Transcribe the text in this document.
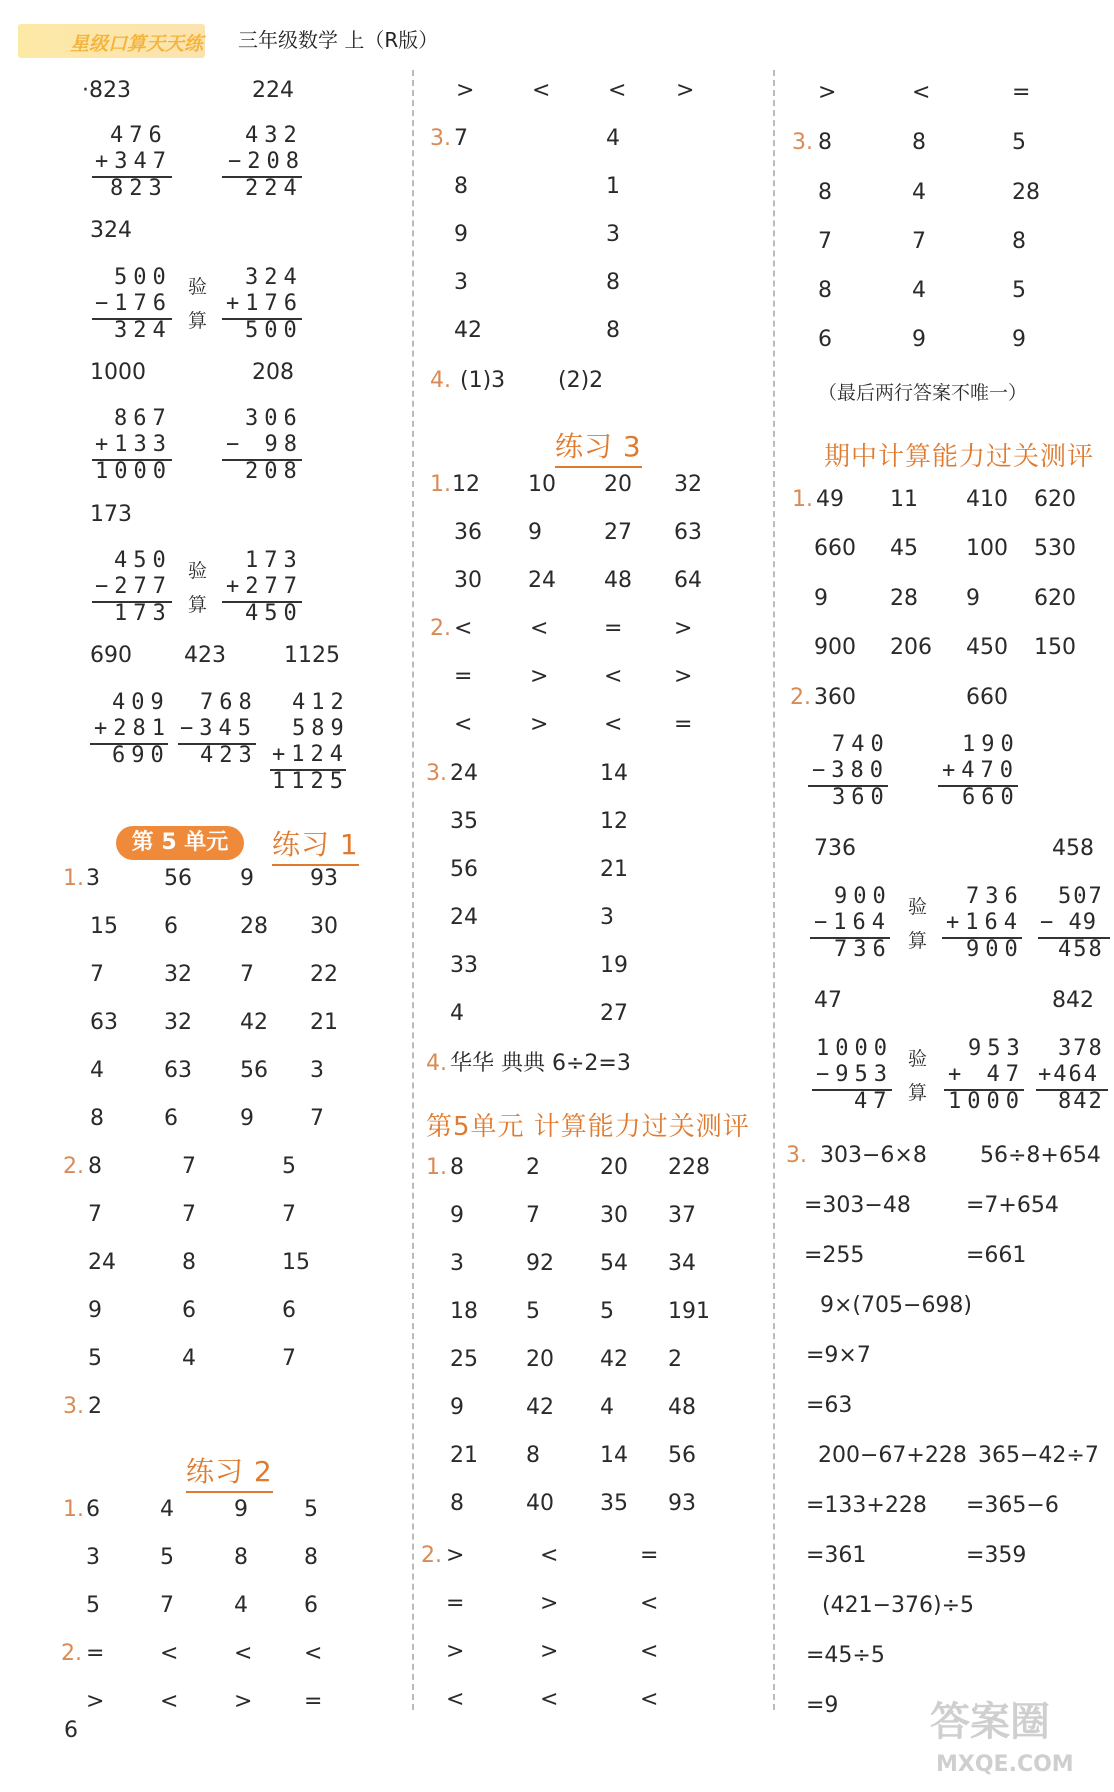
星级口算天天练 三年级数学 上（R版）
·823	224
476
+347
823
432
−208
224
324
500
−176
324
验
算
324
+176
500
1000	208
867
+133
1000
306
− 98
208
173
450
−277
173
验
算
173
+277
450
690 423	1125
409
+281
690
768
−345
423
412
589
+124
1125
第 5 单元	练习 1
1. 3	56 9	93
15 6	28 30
7	32 7	22
63 32 42 21
4	63 56 3
8	6	9	7
2. 8	7	5
7	7	7
24	8	15
9	6	6
5	4	7
3. 2
练习 2
1. 6	4	9	5
3	5	8	8
5	7	4	6
2. =	<	< <
>	<	> =
>	<	< >
3. 7	4
8	1
9	3
3	8
42	8
4. (1)3 (2)2
练习 3
1. 12 10 20 32
36 9	27 63
30 24 48 64
2. <	<	= >
=	>	< >
<	>	< =
3. 24	14
35	12
56	21
24	3
33	19
4	27
4. 华华 典典 6÷2=3
第5单元 计算能力过关测评
1. 8	2	20 228
9	7	30 37
3	92 54 34
18 5	5 191
25 20 42 2
9	42 4 48
21 8	14 56
8	40 35 93
2. >	<	=
=	>	<
>	>	<
<	<	<
>	<	=
3. 8	8	5
8	4	28
7	7	8
8	4	5
6	9	9
（最后两行答案不唯一）
期中计算能力过关测评
1. 49 11 410 620
660 45 100 530
9	28 9 620
900 206 450 150
2. 360	660
740
−380
360
190
+470
660
736	458
900
−164
736
验
算
736
+164
900
507
− 49
458
47	842
1000
−953
47
验
算
953
+ 47
1000
378
+464
842
3. 303−6×8
=303−48
=255
56÷8+654
=7+654
=661
9×(705−698)
=9×7
=63
200−67+228
=133+228
=361
365−42÷7
=365−6
=359
(421−376)÷5
=45÷5
=9
6	答案圈
MXQE.COM
